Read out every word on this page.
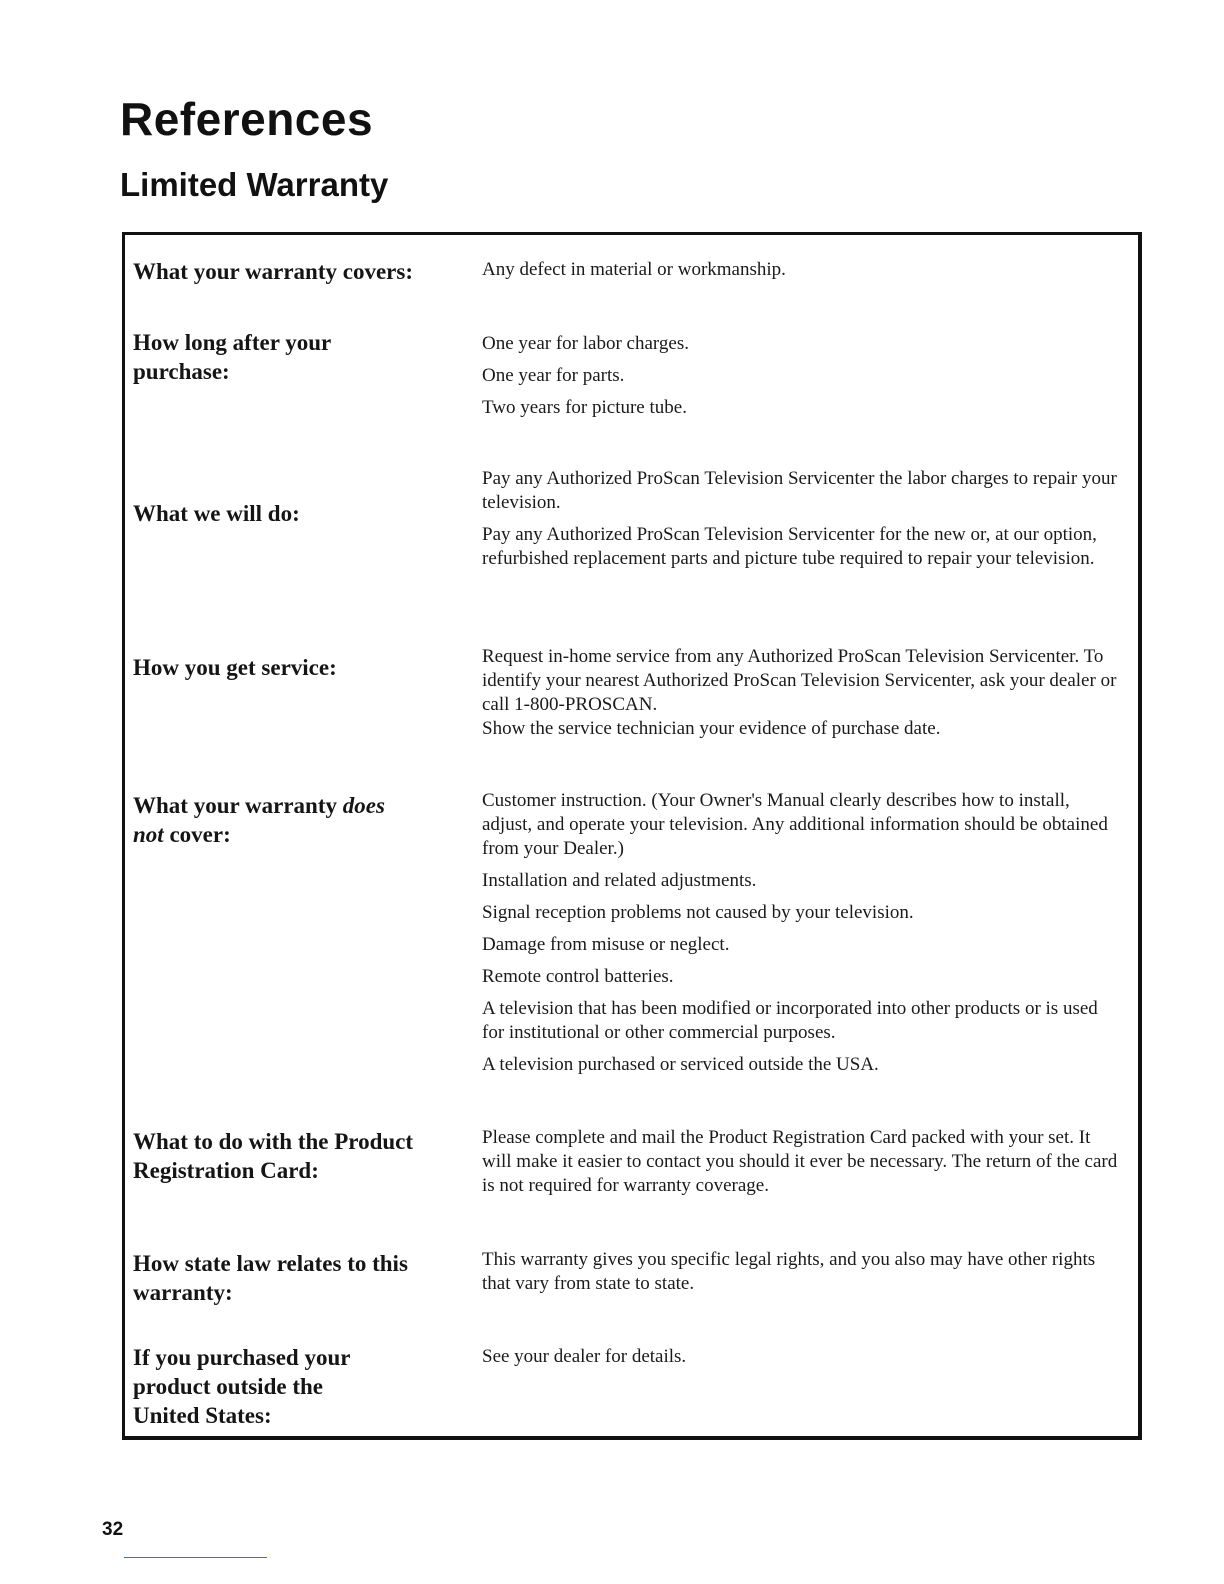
References
Limited Warranty
What your warranty covers:	Any defect in material or workmanship.

How long after your
purchase:

One year for labor charges.

One year for parts.

Two years for picture tube.

What we will do:

Pay any Authorized ProScan Television Servicenter the labor charges to repair your television.

Pay any Authorized ProScan Television Servicenter for the new or, at our option, refurbished replacement parts and picture tube required to repair your television.

How you get service:	Request in-home service from any Authorized ProScan Television Servicenter. To identify your nearest Authorized ProScan Television Servicenter, ask your dealer or call 1-800-PROSCAN.

Show the service technician your evidence of purchase date.

What your warranty does
not cover:

Customer instruction. (Your Owner's Manual clearly describes how to install, adjust, and operate your television. Any additional information should be obtained from your Dealer.)

Installation and related adjustments.

Signal reception problems not caused by your television.

Damage from misuse or neglect.

Remote control batteries.

A television that has been modified or incorporated into other products or is used for institutional or other commercial purposes.

A television purchased or serviced outside the USA.

What to do with the Product
Registration Card:

Please complete and mail the Product Registration Card packed with your set. It will make it easier to contact you should it ever be necessary. The return of the card is not required for warranty coverage.

How state law relates to this
warranty:

This warranty gives you specific legal rights, and you also may have other rights that vary from state to state.

If you purchased your
product outside the
United States:

See your dealer for details.

32
